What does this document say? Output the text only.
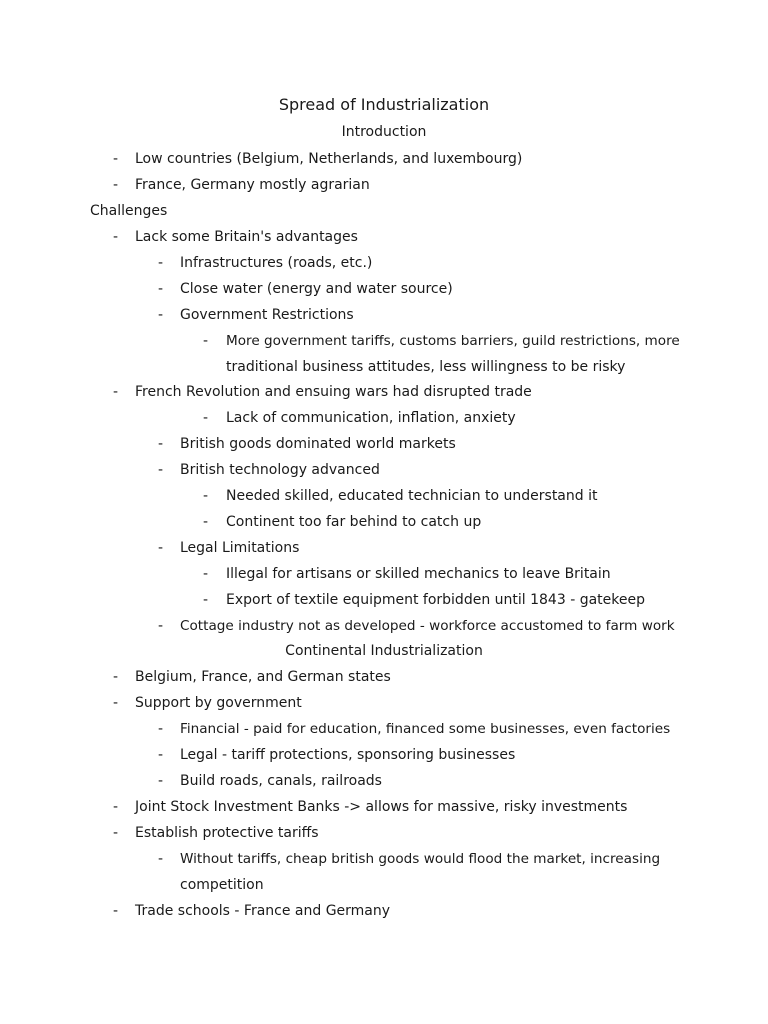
Spread of Industrialization
Introduction
- Low countries (Belgium, Netherlands, and luxembourg)
- France, Germany mostly agrarian
Challenges
- Lack some Britain's advantages
- Infrastructures (roads, etc.)
- Close water (energy and water source)
- Government Restrictions
- More government tariffs, customs barriers, guild restrictions, more
traditional business attitudes, less willingness to be risky
- French Revolution and ensuing wars had disrupted trade
- Lack of communication, inflation, anxiety
- British goods dominated world markets
- British technology advanced
- Needed skilled, educated technician to understand it
- Continent too far behind to catch up
- Legal Limitations
- Illegal for artisans or skilled mechanics to leave Britain
- Export of textile equipment forbidden until 1843 - gatekeep
- Cottage industry not as developed - workforce accustomed to farm work
Continental Industrialization
- Belgium, France, and German states
- Support by government
- Financial - paid for education, financed some businesses, even factories
- Legal - tariff protections, sponsoring businesses
- Build roads, canals, railroads
- Joint Stock Investment Banks -> allows for massive, risky investments
- Establish protective tariffs
- Without tariffs, cheap british goods would flood the market, increasing
competition
- Trade schools - France and Germany
